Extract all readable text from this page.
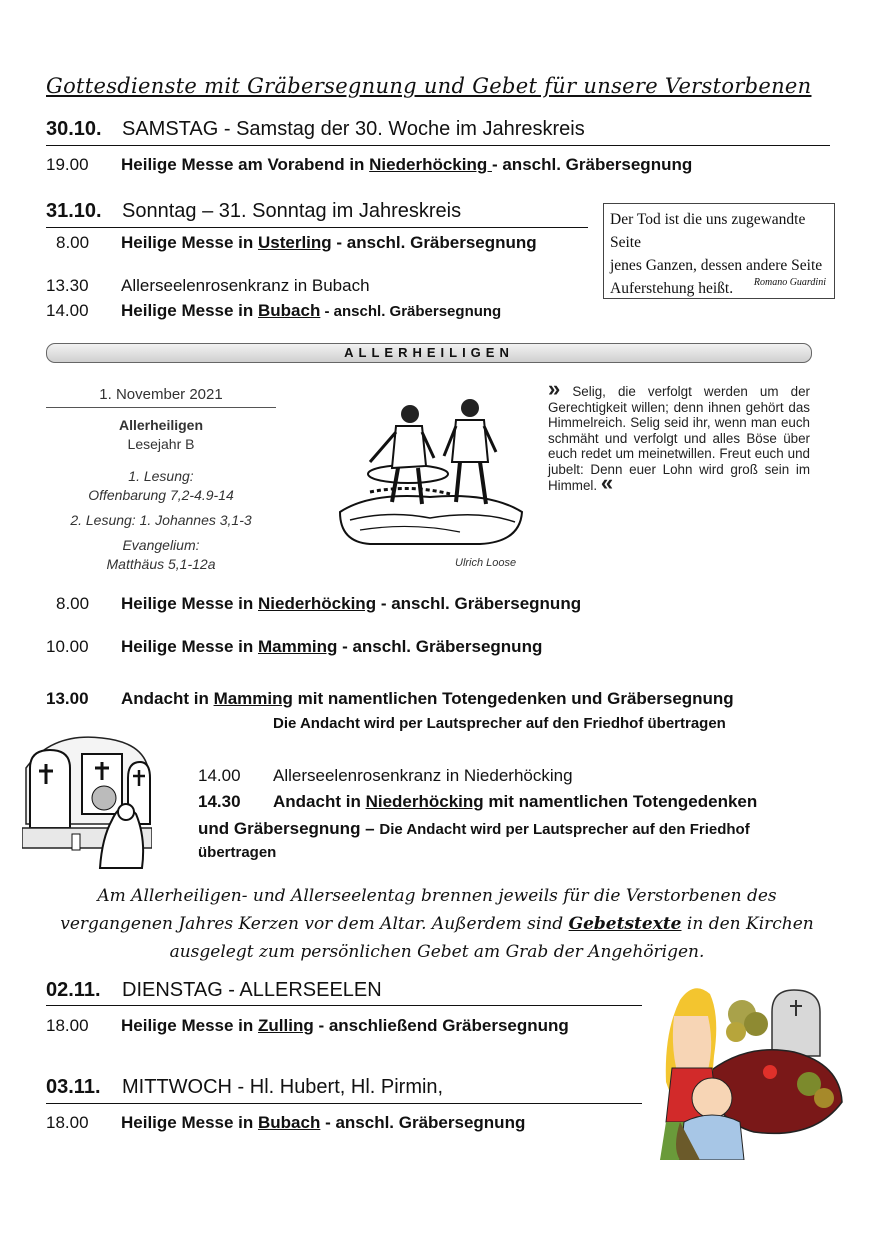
Gottesdienste mit Gräbersegnung und Gebet für unsere Verstorbenen
30.10. SAMSTAG - Samstag der 30. Woche im Jahreskreis
19.00 Heilige Messe am Vorabend in Niederhöcking - anschl. Gräbersegnung
31.10. Sonntag – 31. Sonntag im Jahreskreis
8.00 Heilige Messe in Usterling - anschl. Gräbersegnung
13.30 Allerseelenrosenkranz in Bubach
14.00 Heilige Messe in Bubach - anschl. Gräbersegnung
Der Tod ist die uns zugewandte Seite
jenes Ganzen, dessen andere Seite
Auferstehung heißt.	Romano Guardini
ALLERHEILIGEN
1. November 2021
Allerheiligen
Lesejahr B
1. Lesung:
Offenbarung 7,2-4.9-14
2. Lesung: 1. Johannes 3,1-3
Evangelium:
Matthäus 5,1-12a	Ulrich Loose
» Selig, die verfolgt werden um der Gerechtigkeit willen; denn ihnen gehört das Himmelreich. Selig seid ihr, wenn man euch schmäht und verfolgt und alles Böse über euch redet um meinetwillen. Freut euch und jubelt: Denn euer Lohn wird groß sein im Himmel. «
8.00 Heilige Messe in Niederhöcking - anschl. Gräbersegnung
10.00 Heilige Messe in Mamming - anschl. Gräbersegnung
13.00 Andacht in Mamming mit namentlichen Totengedenken und Gräbersegnung
Die Andacht wird per Lautsprecher auf den Friedhof übertragen
14.00 Allerseelenrosenkranz in Niederhöcking
14.30 Andacht in Niederhöcking mit namentlichen Totengedenken
und Gräbersegnung – Die Andacht wird per Lautsprecher auf den Friedhof
übertragen
Am Allerheiligen- und Allerseelentag brennen jeweils für die Verstorbenen des
vergangenen Jahres Kerzen vor dem Altar. Außerdem sind Gebetstexte in den Kirchen
ausgelegt zum persönlichen Gebet am Grab der Angehörigen.
02.11. DIENSTAG - ALLERSEELEN
18.00 Heilige Messe in Zulling - anschließend Gräbersegnung
03.11. MITTWOCH - Hl. Hubert, Hl. Pirmin,
18.00 Heilige Messe in Bubach - anschl. Gräbersegnung
